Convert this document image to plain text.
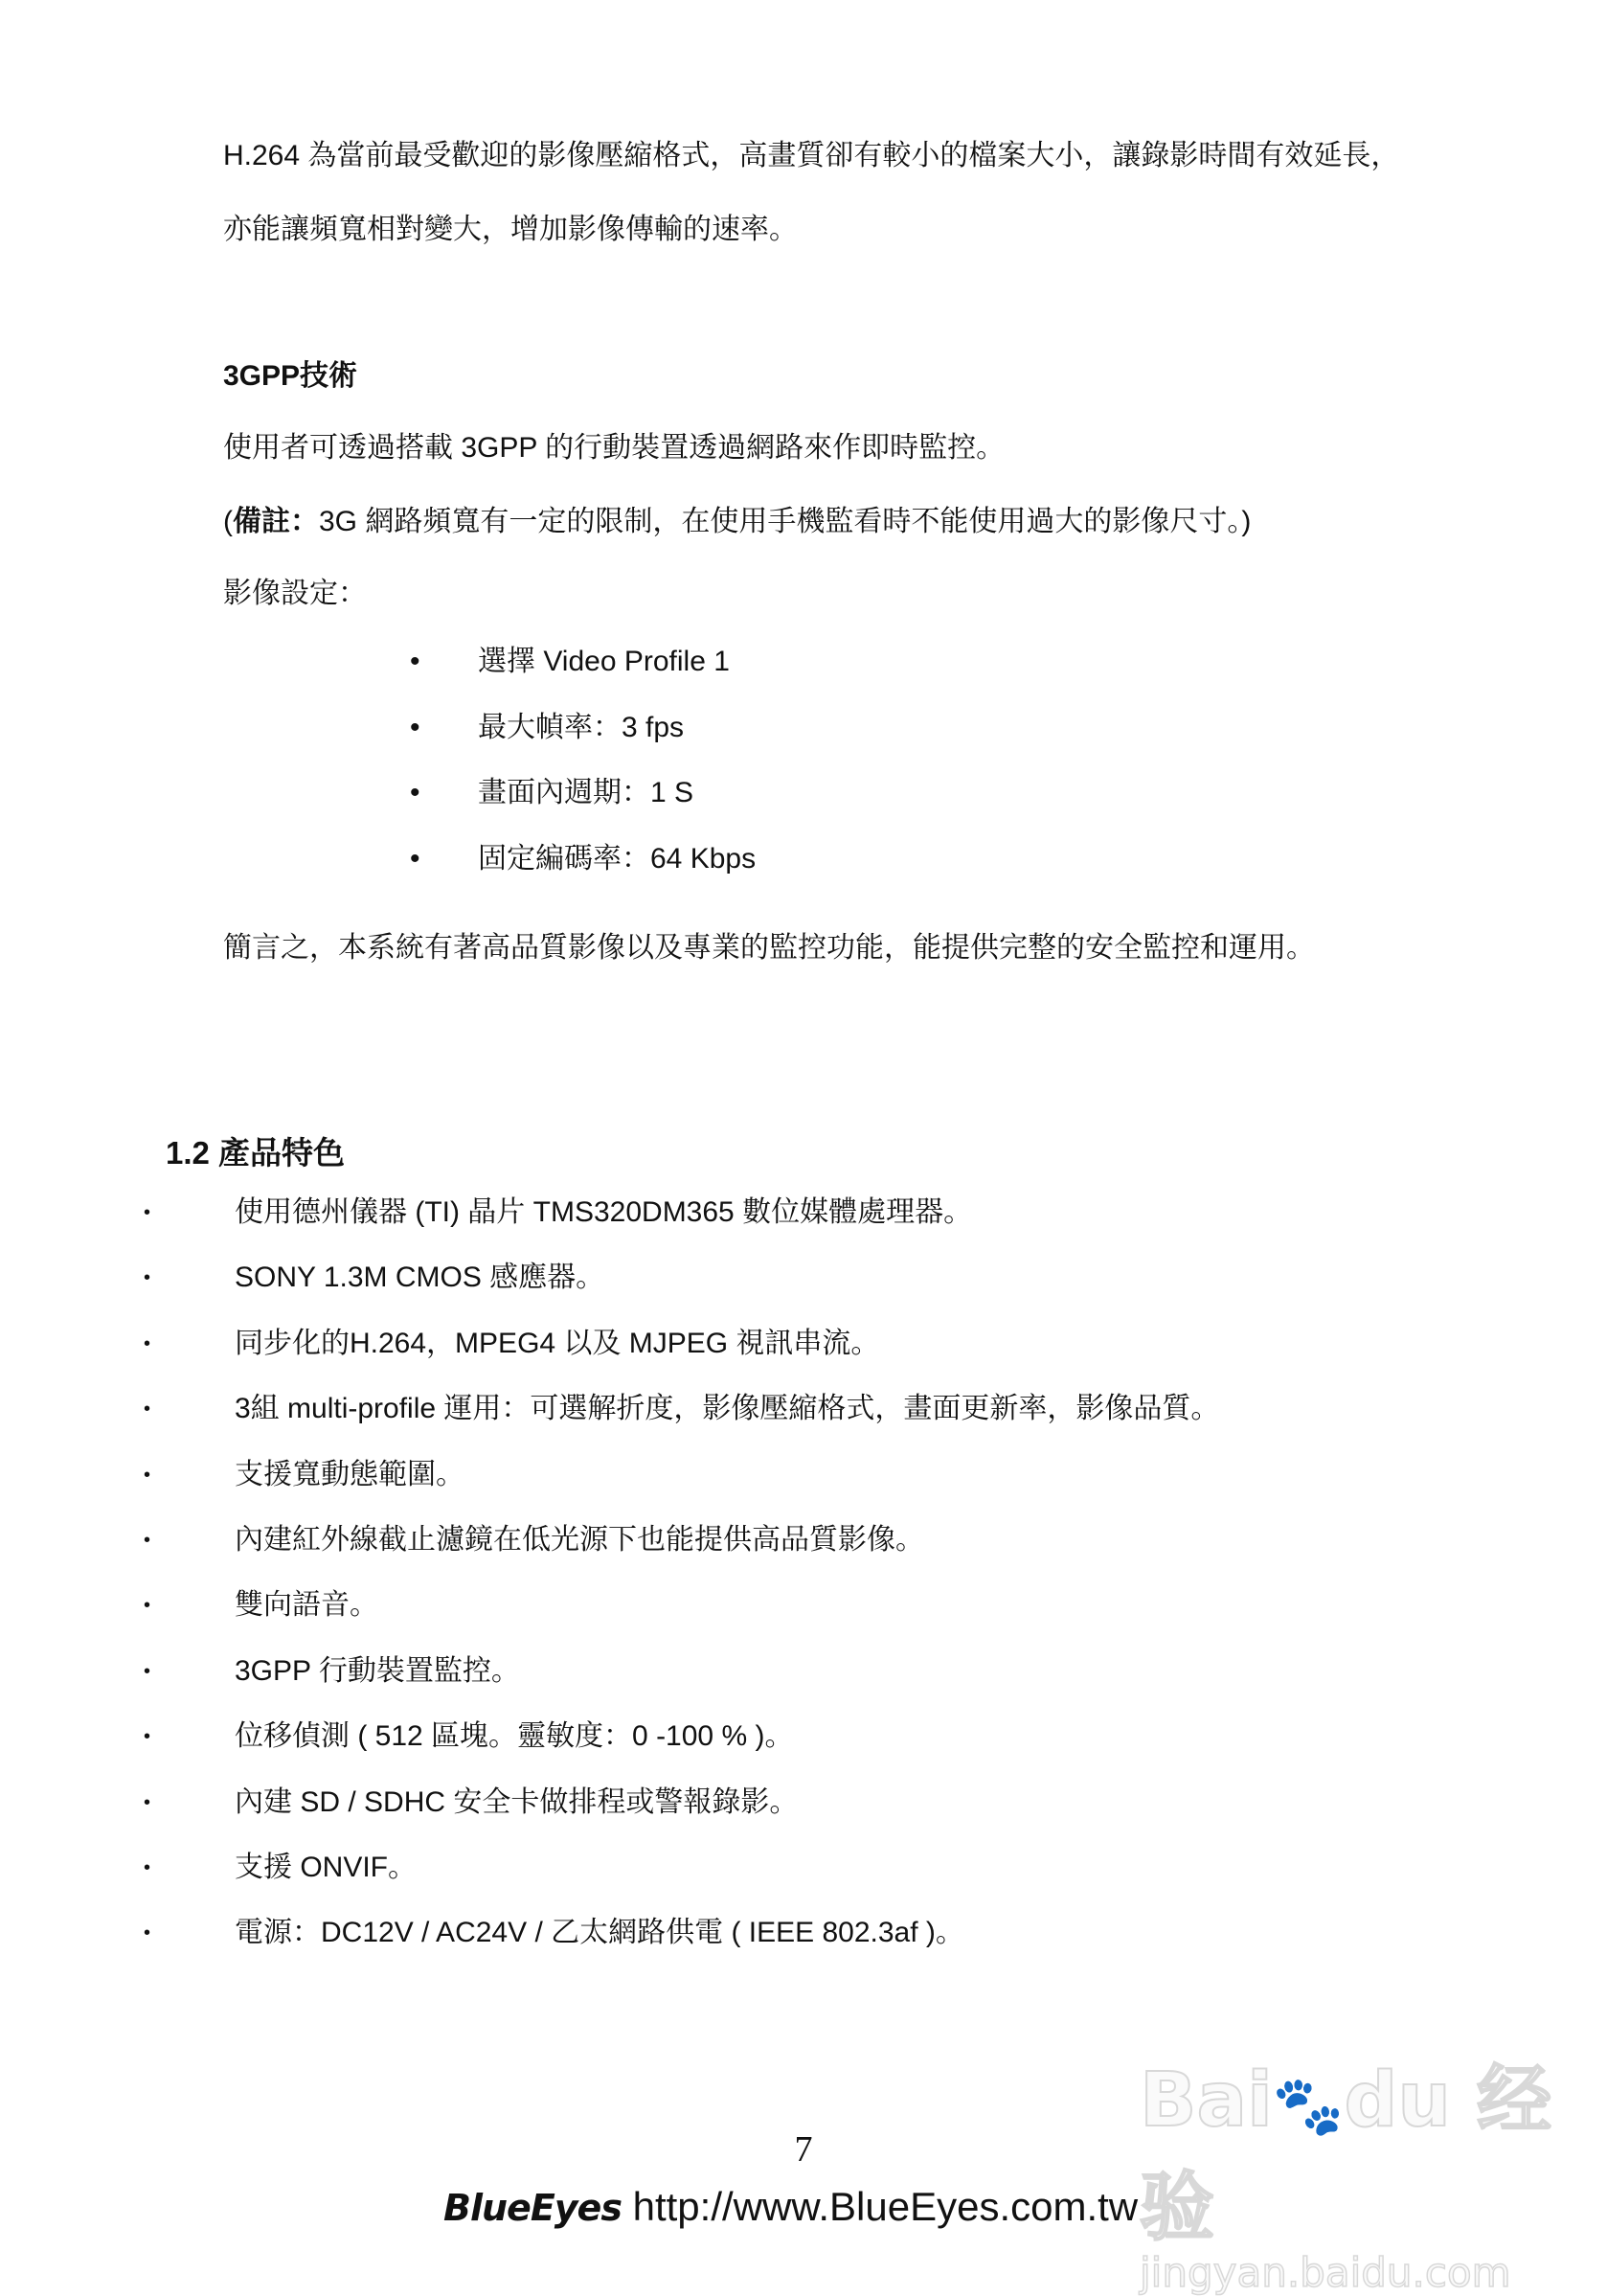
H.264 為當前最受歡迎的影像壓縮格式，高畫質卻有較小的檔案大小，讓錄影時間有效延長，
亦能讓頻寬相對變大，增加影像傳輸的速率。
3GPP技術
使用者可透過搭載 3GPP 的行動裝置透過網路來作即時監控。
(備註：3G 網路頻寬有一定的限制，在使用手機監看時不能使用過大的影像尺寸。)
影像設定：
• 選擇 Video Profile 1
• 最大幀率：3 fps
• 畫面內週期：1 S
• 固定編碼率：64 Kbps
簡言之，本系統有著高品質影像以及專業的監控功能，能提供完整的安全監控和運用。
1.2 產品特色
•	使用德州儀器 (TI) 晶片 TMS320DM365 數位媒體處理器。
•	SONY 1.3M CMOS 感應器。
•	同步化的H.264，MPEG4 以及 MJPEG 視訊串流。
•	3組 multi-profile 運用：可選解折度，影像壓縮格式，畫面更新率，影像品質。
•	支援寬動態範圍。
•	內建紅外線截止濾鏡在低光源下也能提供高品質影像。
•	雙向語音。
•	3GPP 行動裝置監控。
•	位移偵測 ( 512 區塊。靈敏度：0 -100 % )。
•	內建 SD / SDHC 安全卡做排程或警報錄影。
•	支援 ONVIF。
•	電源：DC12V / AC24V / 乙太網路供電 ( IEEE 802.3af )。
7
Bai🐾du 经验
jingyan.baidu.com
BlueEyes http://www.BlueEyes.com.tw
